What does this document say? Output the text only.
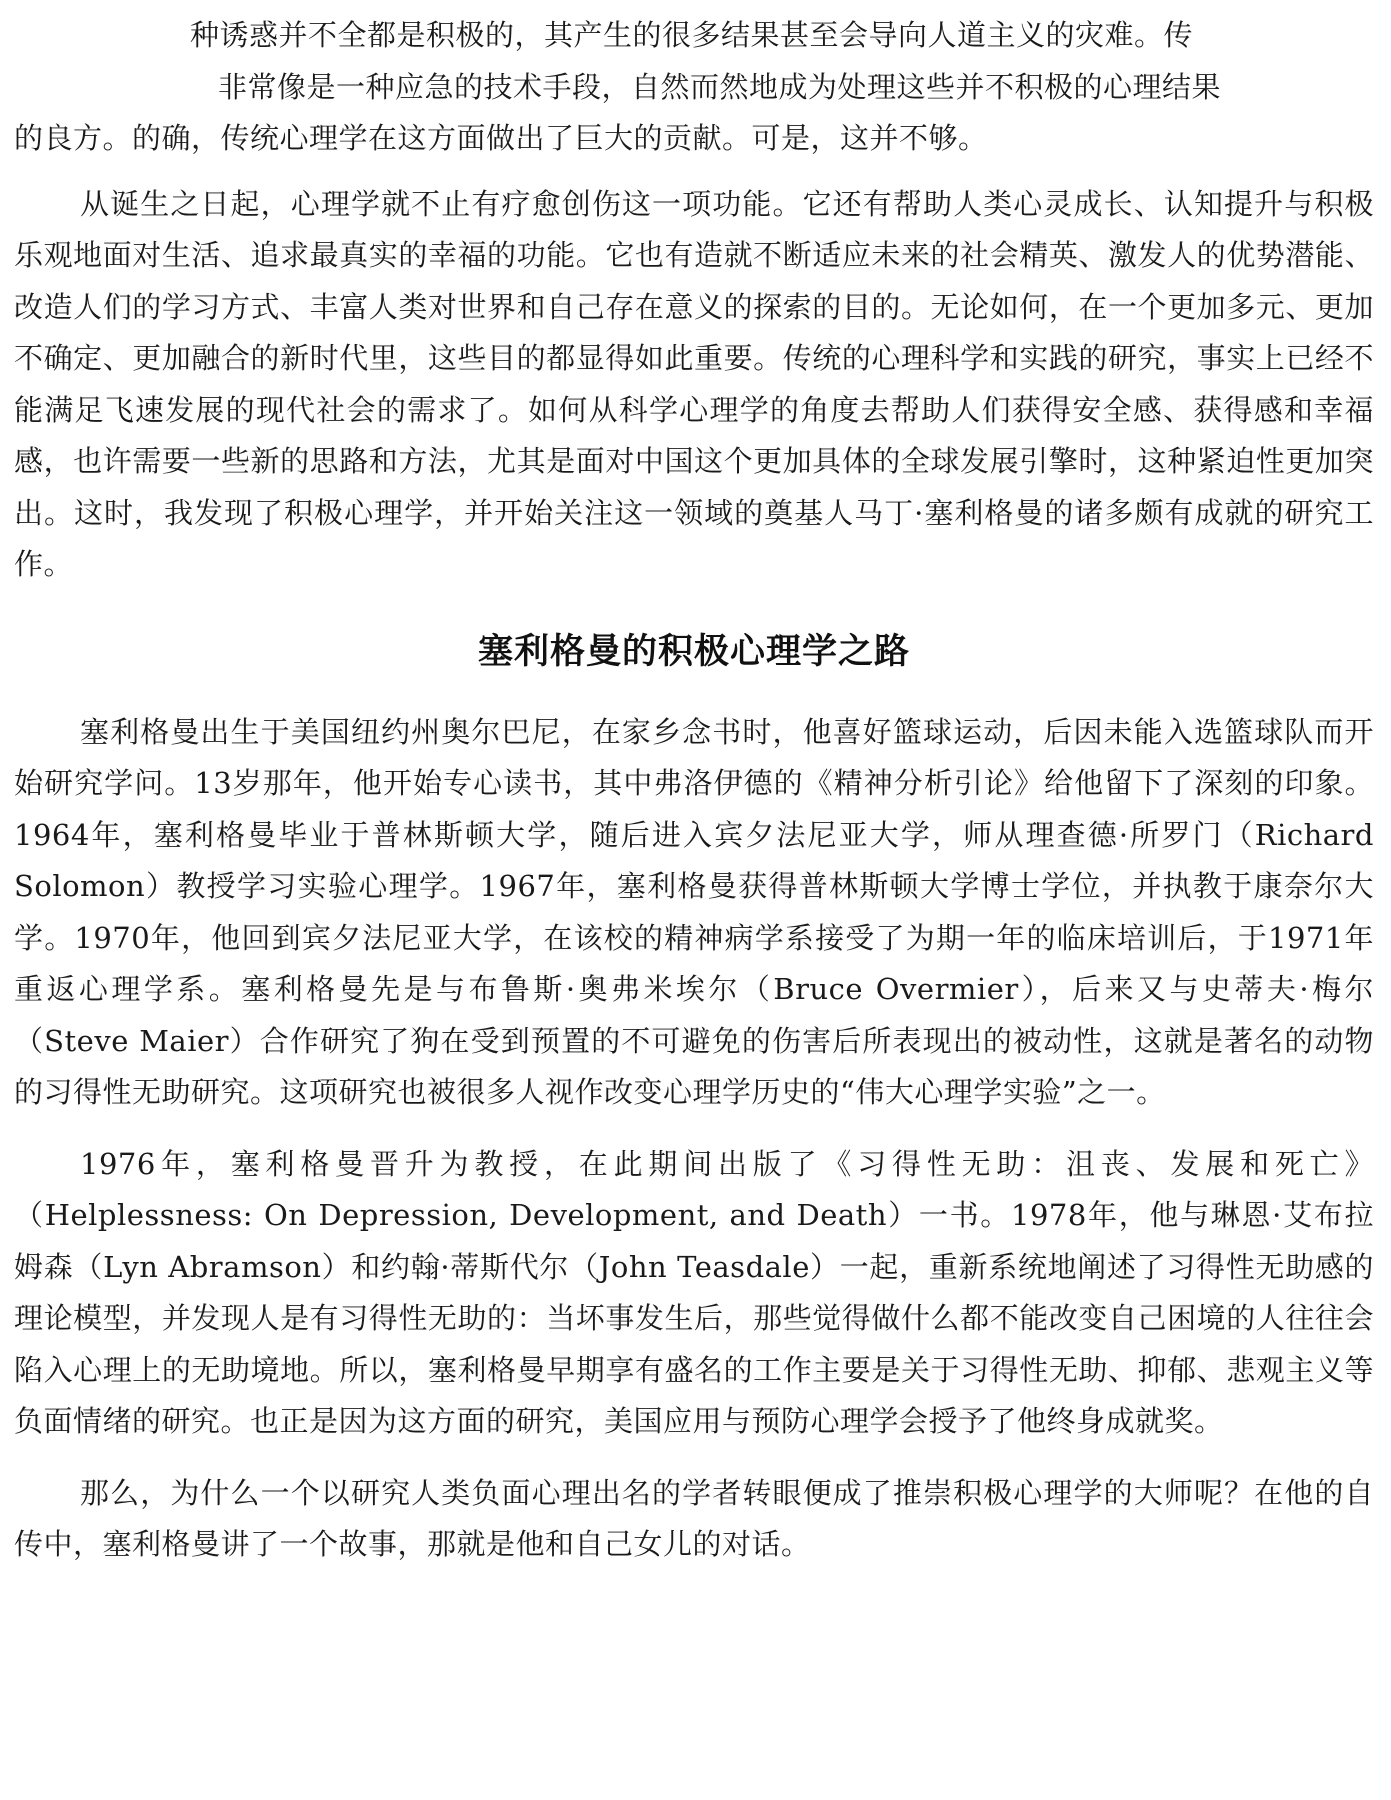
种诱惑并不全都是积极的，其产生的很多结果甚至会导向人道主义的灾难。传

非常像是一种应急的技术手段，自然而然地成为处理这些并不积极的心理结果

的良方。的确，传统心理学在这方面做出了巨大的贡献。可是，这并不够。

从诞生之日起，心理学就不止有疗愈创伤这一项功能。它还有帮助人类心灵成长、认知提升与积极乐观地面对生活、追求最真实的幸福的功能。它也有造就不断适应未来的社会精英、激发人的优势潜能、改造人们的学习方式、丰富人类对世界和自己存在意义的探索的目的。无论如何，在一个更加多元、更加不确定、更加融合的新时代里，这些目的都显得如此重要。传统的心理科学和实践的研究，事实上已经不能满足飞速发展的现代社会的需求了。如何从科学心理学的角度去帮助人们获得安全感、获得感和幸福感，也许需要一些新的思路和方法，尤其是面对中国这个更加具体的全球发展引擎时，这种紧迫性更加突出。这时，我发现了积极心理学，并开始关注这一领域的奠基人马丁·塞利格曼的诸多颇有成就的研究工作。

塞利格曼的积极心理学之路

塞利格曼出生于美国纽约州奥尔巴尼，在家乡念书时，他喜好篮球运动，后因未能入选篮球队而开始研究学问。13岁那年，他开始专心读书，其中弗洛伊德的《精神分析引论》给他留下了深刻的印象。1964年，塞利格曼毕业于普林斯顿大学，随后进入宾夕法尼亚大学，师从理查德·所罗门（Richard Solomon）教授学习实验心理学。1967年，塞利格曼获得普林斯顿大学博士学位，并执教于康奈尔大学。1970年，他回到宾夕法尼亚大学，在该校的精神病学系接受了为期一年的临床培训后，于1971年重返心理学系。塞利格曼先是与布鲁斯·奥弗米埃尔（Bruce Overmier），后来又与史蒂夫·梅尔（Steve Maier）合作研究了狗在受到预置的不可避免的伤害后所表现出的被动性，这就是著名的动物的习得性无助研究。这项研究也被很多人视作改变心理学历史的“伟大心理学实验”之一。

1976年，塞利格曼晋升为教授，在此期间出版了《习得性无助：沮丧、发展和死亡》（Helplessness: On Depression, Development, and Death）一书。1978年，他与琳恩·艾布拉姆森（Lyn Abramson）和约翰·蒂斯代尔（John Teasdale）一起，重新系统地阐述了习得性无助感的理论模型，并发现人是有习得性无助的：当坏事发生后，那些觉得做什么都不能改变自己困境的人往往会陷入心理上的无助境地。所以，塞利格曼早期享有盛名的工作主要是关于习得性无助、抑郁、悲观主义等负面情绪的研究。也正是因为这方面的研究，美国应用与预防心理学会授予了他终身成就奖。

那么，为什么一个以研究人类负面心理出名的学者转眼便成了推崇积极心理学的大师呢？在他的自传中，塞利格曼讲了一个故事，那就是他和自己女儿的对话。
